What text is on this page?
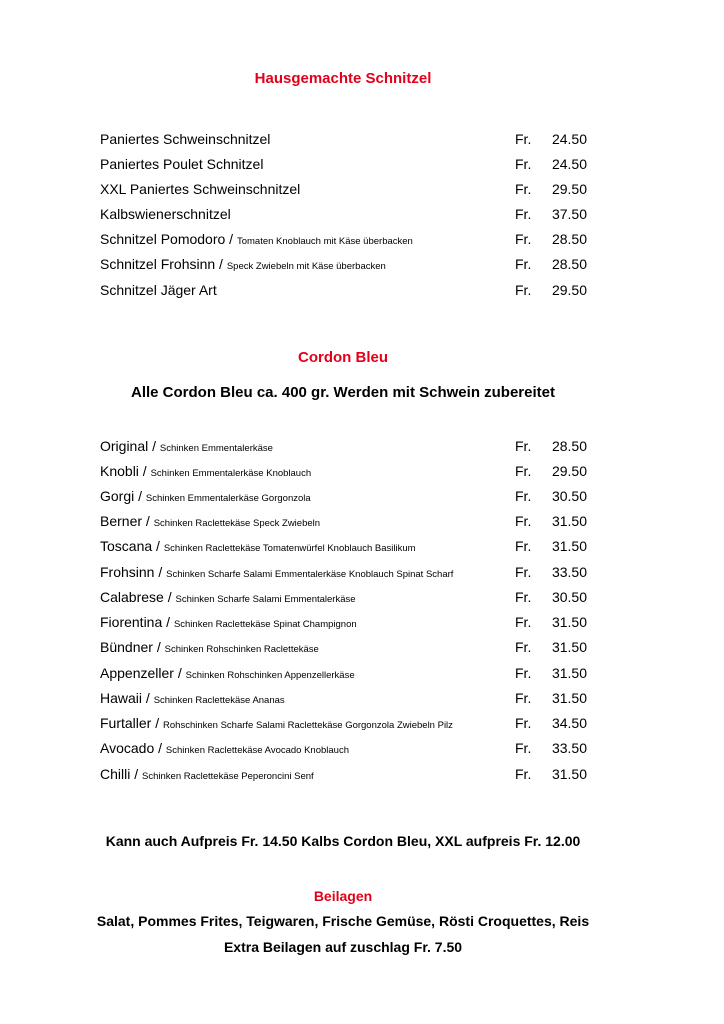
Hausgemachte Schnitzel
Paniertes Schweinschnitzel	Fr. 24.50
Paniertes Poulet Schnitzel	Fr. 24.50
XXL Paniertes Schweinschnitzel	Fr. 29.50
Kalbswienerschnitzel	Fr. 37.50
Schnitzel Pomodoro / Tomaten Knoblauch mit Käse überbacken	Fr. 28.50
Schnitzel Frohsinn / Speck Zwiebeln mit Käse überbacken	Fr. 28.50
Schnitzel Jäger Art	Fr. 29.50
Cordon Bleu
Alle Cordon Bleu ca. 400 gr. Werden mit Schwein zubereitet
Original / Schinken Emmentalerkäse	Fr. 28.50
Knobli / Schinken Emmentalerkäse Knoblauch	Fr. 29.50
Gorgi / Schinken Emmentalerkäse Gorgonzola	Fr. 30.50
Berner / Schinken Raclettekäse Speck Zwiebeln	Fr. 31.50
Toscana / Schinken Raclettekäse Tomatenwürfel Knoblauch Basilikum	Fr. 31.50
Frohsinn / Schinken Scharfe Salami Emmentalerkäse Knoblauch Spinat Scharf	Fr. 33.50
Calabrese / Schinken Scharfe Salami Emmentalerkäse	Fr. 30.50
Fiorentina / Schinken Raclettekäse Spinat Champignon	Fr. 31.50
Bündner / Schinken Rohschinken Raclettekäse	Fr. 31.50
Appenzeller / Schinken Rohschinken Appenzellerkäse	Fr. 31.50
Hawaii / Schinken Raclettekäse Ananas	Fr. 31.50
Furtaller / Rohschinken Scharfe Salami Raclettekäse Gorgonzola Zwiebeln Pilz	Fr. 34.50
Avocado / Schinken Raclettekäse Avocado Knoblauch	Fr. 33.50
Chilli / Schinken Raclettekäse Peperoncini Senf	Fr. 31.50
Kann auch Aufpreis Fr. 14.50 Kalbs Cordon Bleu, XXL aufpreis Fr. 12.00
Beilagen
Salat, Pommes Frites, Teigwaren, Frische Gemüse, Rösti Croquettes, Reis
Extra Beilagen auf zuschlag Fr. 7.50
